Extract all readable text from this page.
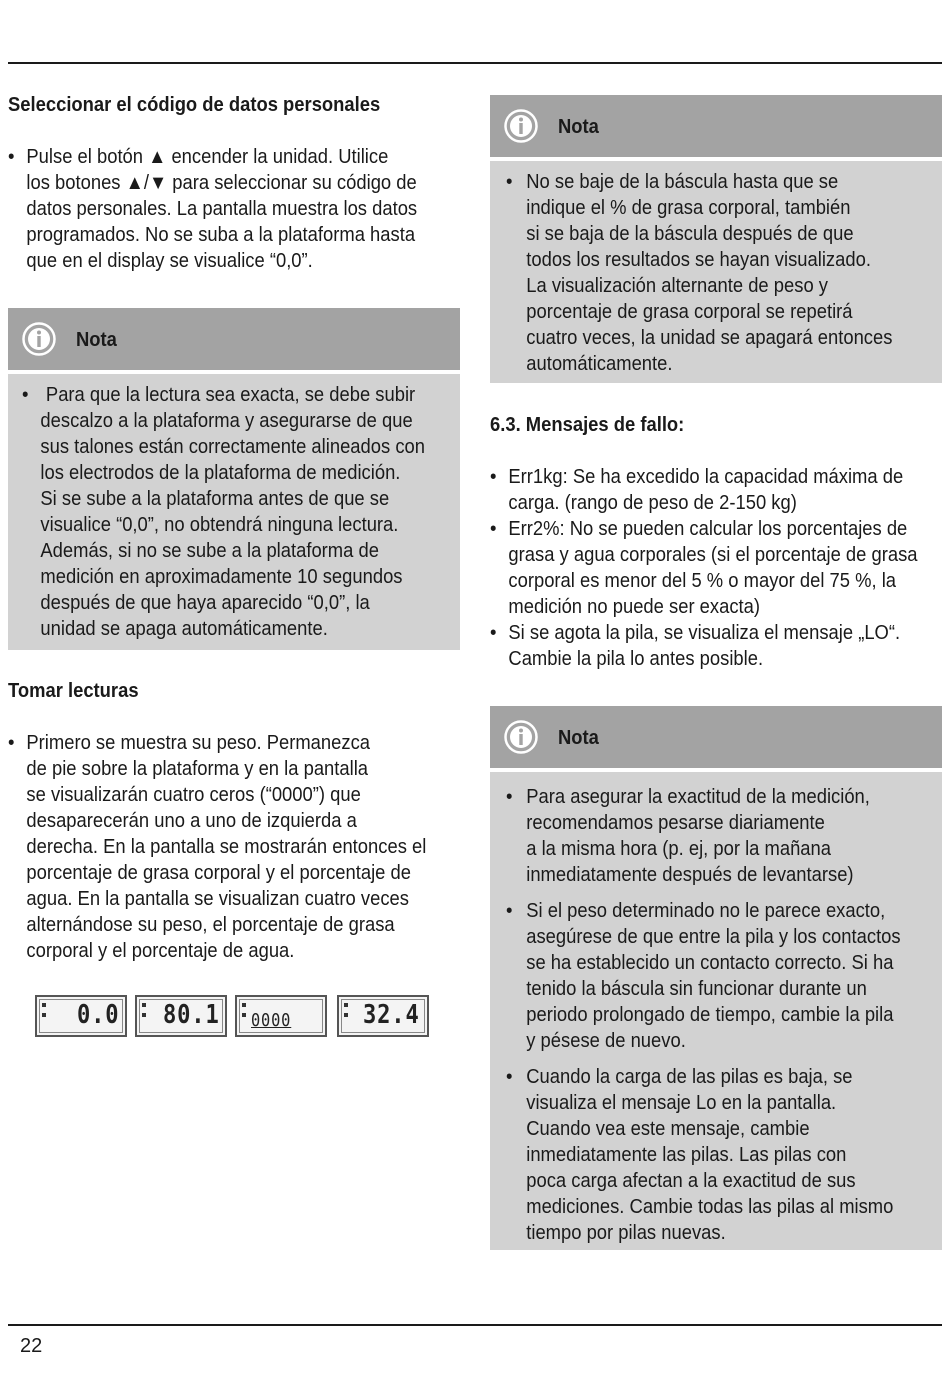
Seleccionar el código de datos personales
• Pulse el botón ▲ encender la unidad. Utilice
los botones ▲/▼ para seleccionar su código de
datos personales. La pantalla muestra los datos
programados. No se suba a la plataforma hasta
que en el display se visualice “0,0”.
Nota
• Para que la lectura sea exacta, se debe subir
descalzo a la plataforma y asegurarse de que
sus talones están correctamente alineados con
los electrodos de la plataforma de medición.
Si se sube a la plataforma antes de que se
visualice “0,0”, no obtendrá ninguna lectura.
Además, si no se sube a la plataforma de
medición en aproximadamente 10 segundos
después de que haya aparecido “0,0”, la
unidad se apaga automáticamente.
Tomar lecturas
• Primero se muestra su peso. Permanezca
de pie sobre la plataforma y en la pantalla
se visualizarán cuatro ceros (“0000”) que
desaparecerán uno a uno de izquierda a
derecha. En la pantalla se mostrarán entonces el
porcentaje de grasa corporal y el porcentaje de
agua. En la pantalla se visualizan cuatro veces
alternándose su peso, el porcentaje de grasa
corporal y el porcentaje de agua.
0.0 80.1 0000	32.4
Nota
• No se baje de la báscula hasta que se
indique el % de grasa corporal, también
si se baja de la báscula después de que
todos los resultados se hayan visualizado.
La visualización alternante de peso y
porcentaje de grasa corporal se repetirá
cuatro veces, la unidad se apagará entonces
automáticamente.
6.3. Mensajes de fallo:
• Err1kg: Se ha excedido la capacidad máxima de
carga. (rango de peso de 2-150 kg)
• Err2%: No se pueden calcular los porcentajes de
grasa y agua corporales (si el porcentaje de grasa
corporal es menor del 5 % o mayor del 75 %, la
medición no puede ser exacta)
• Si se agota la pila, se visualiza el mensaje „LO“.
Cambie la pila lo antes posible.
Nota
• Para asegurar la exactitud de la medición,
recomendamos pesarse diariamente
a la misma hora (p. ej, por la mañana
inmediatamente después de levantarse)
• Si el peso determinado no le parece exacto,
asegúrese de que entre la pila y los contactos
se ha establecido un contacto correcto. Si ha
tenido la báscula sin funcionar durante un
periodo prolongado de tiempo, cambie la pila
y pésese de nuevo.
• Cuando la carga de las pilas es baja, se
visualiza el mensaje Lo en la pantalla.
Cuando vea este mensaje, cambie
inmediatamente las pilas. Las pilas con
poca carga afectan a la exactitud de sus
mediciones. Cambie todas las pilas al mismo
tiempo por pilas nuevas.
22
